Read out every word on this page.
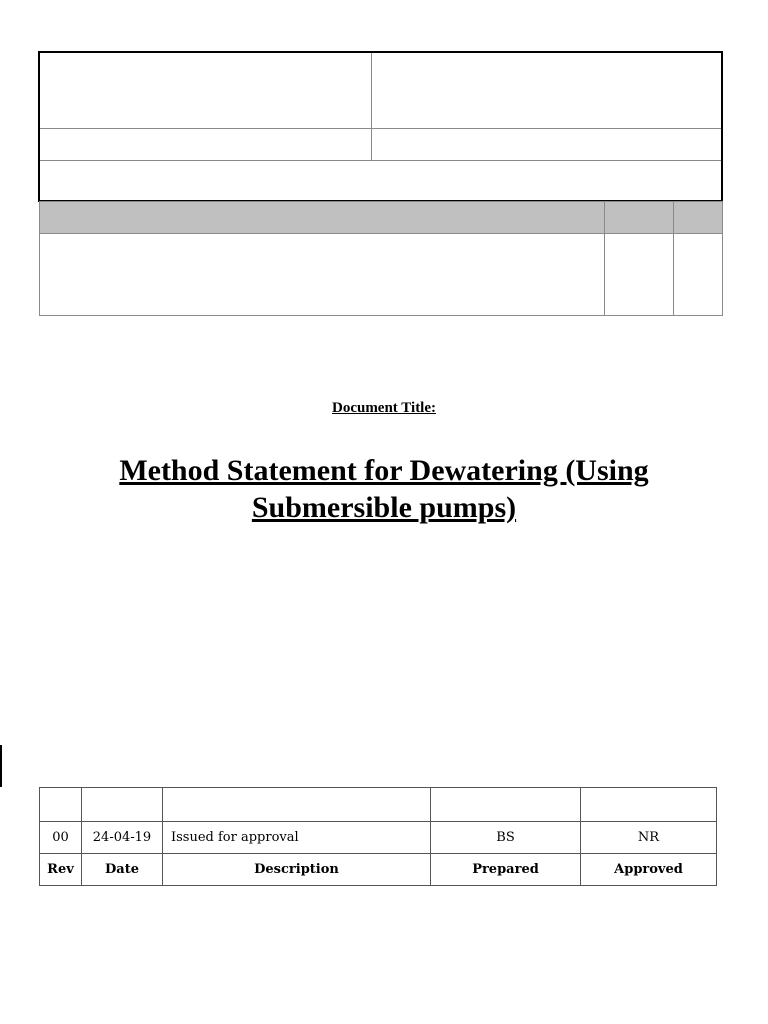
Document Title:
Method Statement for Dewatering (Using Submersible pumps)

00	24-04-19	Issued for approval	BS	NR
Rev	Date	Description	Prepared	Approved
